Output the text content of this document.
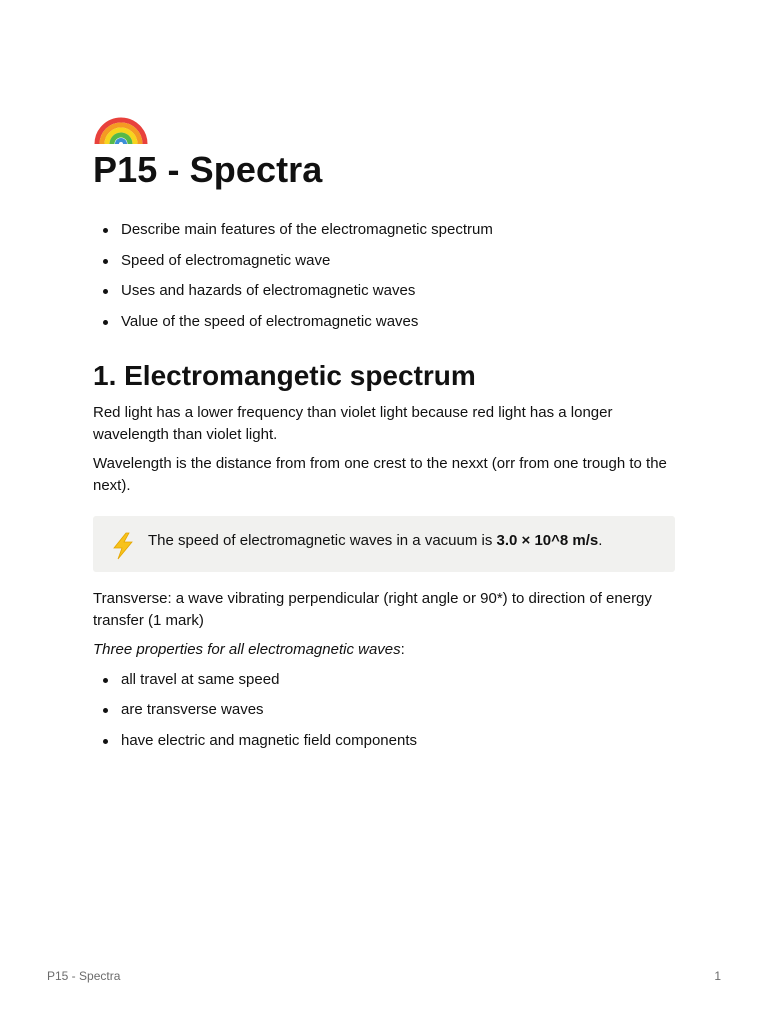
P15 - Spectra
Describe main features of the electromagnetic spectrum
Speed of electromagnetic wave
Uses and hazards of electromagnetic waves
Value of the speed of electromagnetic waves
1. Electromangetic spectrum

Red light has a lower frequency than violet light because red light has a longer wavelength than violet light.

Wavelength is the distance from from one crest to the nexxt (orr from one trough to the next).

The speed of electromagnetic waves in a vacuum is 3.0 × 10^8 m/s.

Transverse: a wave vibrating perpendicular (right angle or 90*) to direction of energy transfer (1 mark)

Three properties for all electromagnetic waves:

all travel at same speed
are transverse waves
have electric and magnetic field components
P15 - Spectra	1
